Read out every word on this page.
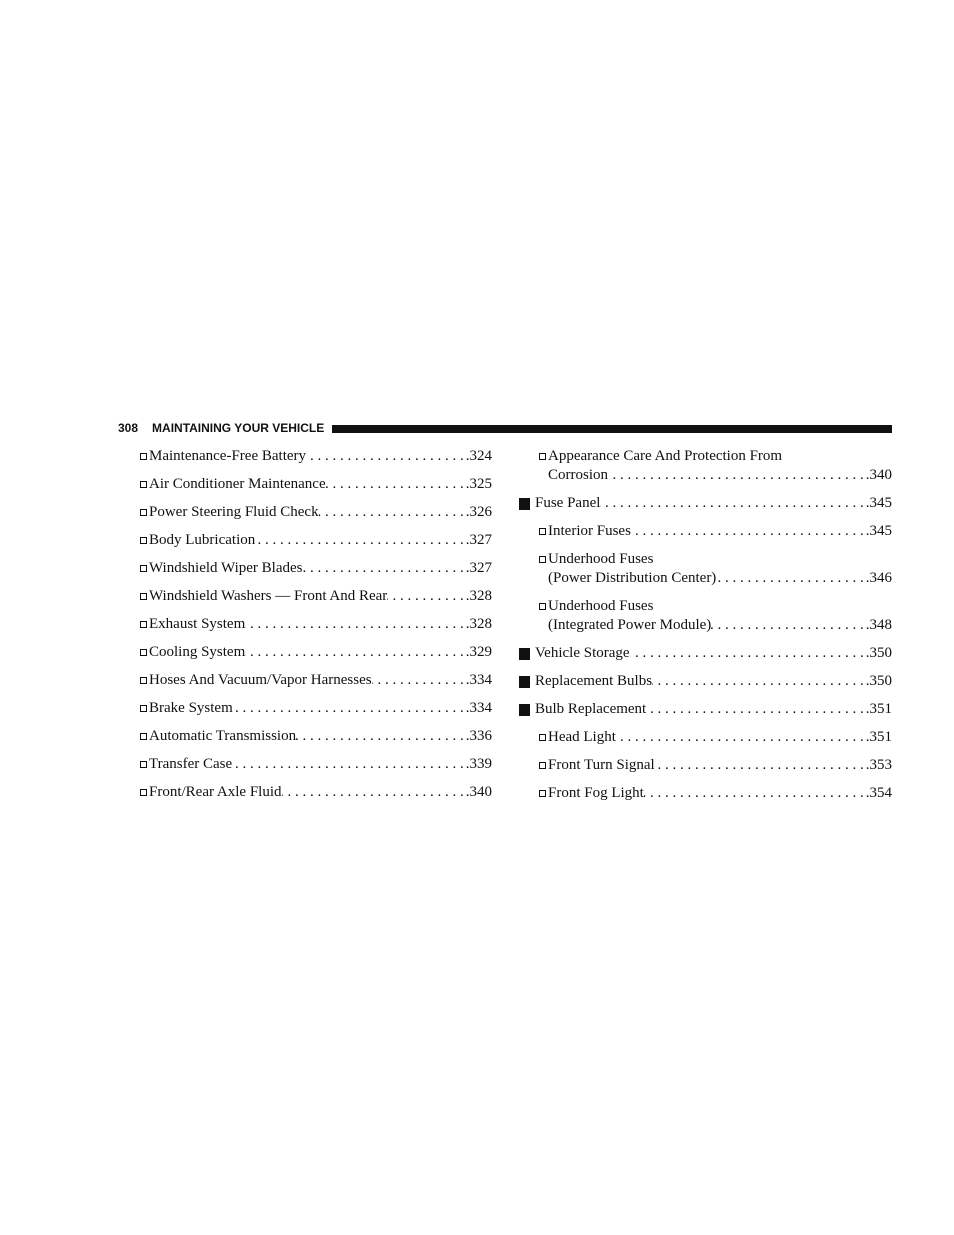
308 MAINTAINING YOUR VEHICLE
Maintenance-Free Battery . . .	.324
Air Conditioner Maintenance . . .	.325
Power Steering Fluid Check . . .	.326
Body Lubrication . . .	.327
Windshield Wiper Blades . . .	.327
Windshield Washers — Front And Rear . . .	.328
Exhaust System . . .	.328
Cooling System . . .	.329
Hoses And Vacuum/Vapor Harnesses . . .	.334
Brake System . . .	.334
Automatic Transmission . . .	.336
Transfer Case . . .	.339
Front/Rear Axle Fluid . . .	.340
Appearance Care And Protection From
Corrosion . . .	.340
Fuse Panel . . .	.345
Interior Fuses . . .	.345
Underhood Fuses
(Power Distribution Center) . . .	.346
Underhood Fuses
(Integrated Power Module) . . .	.348
Vehicle Storage . . .	.350
Replacement Bulbs . . .	.350
Bulb Replacement . . .	.351
Head Light . . .	.351
Front Turn Signal . . .	.353
Front Fog Light . . .	.354
